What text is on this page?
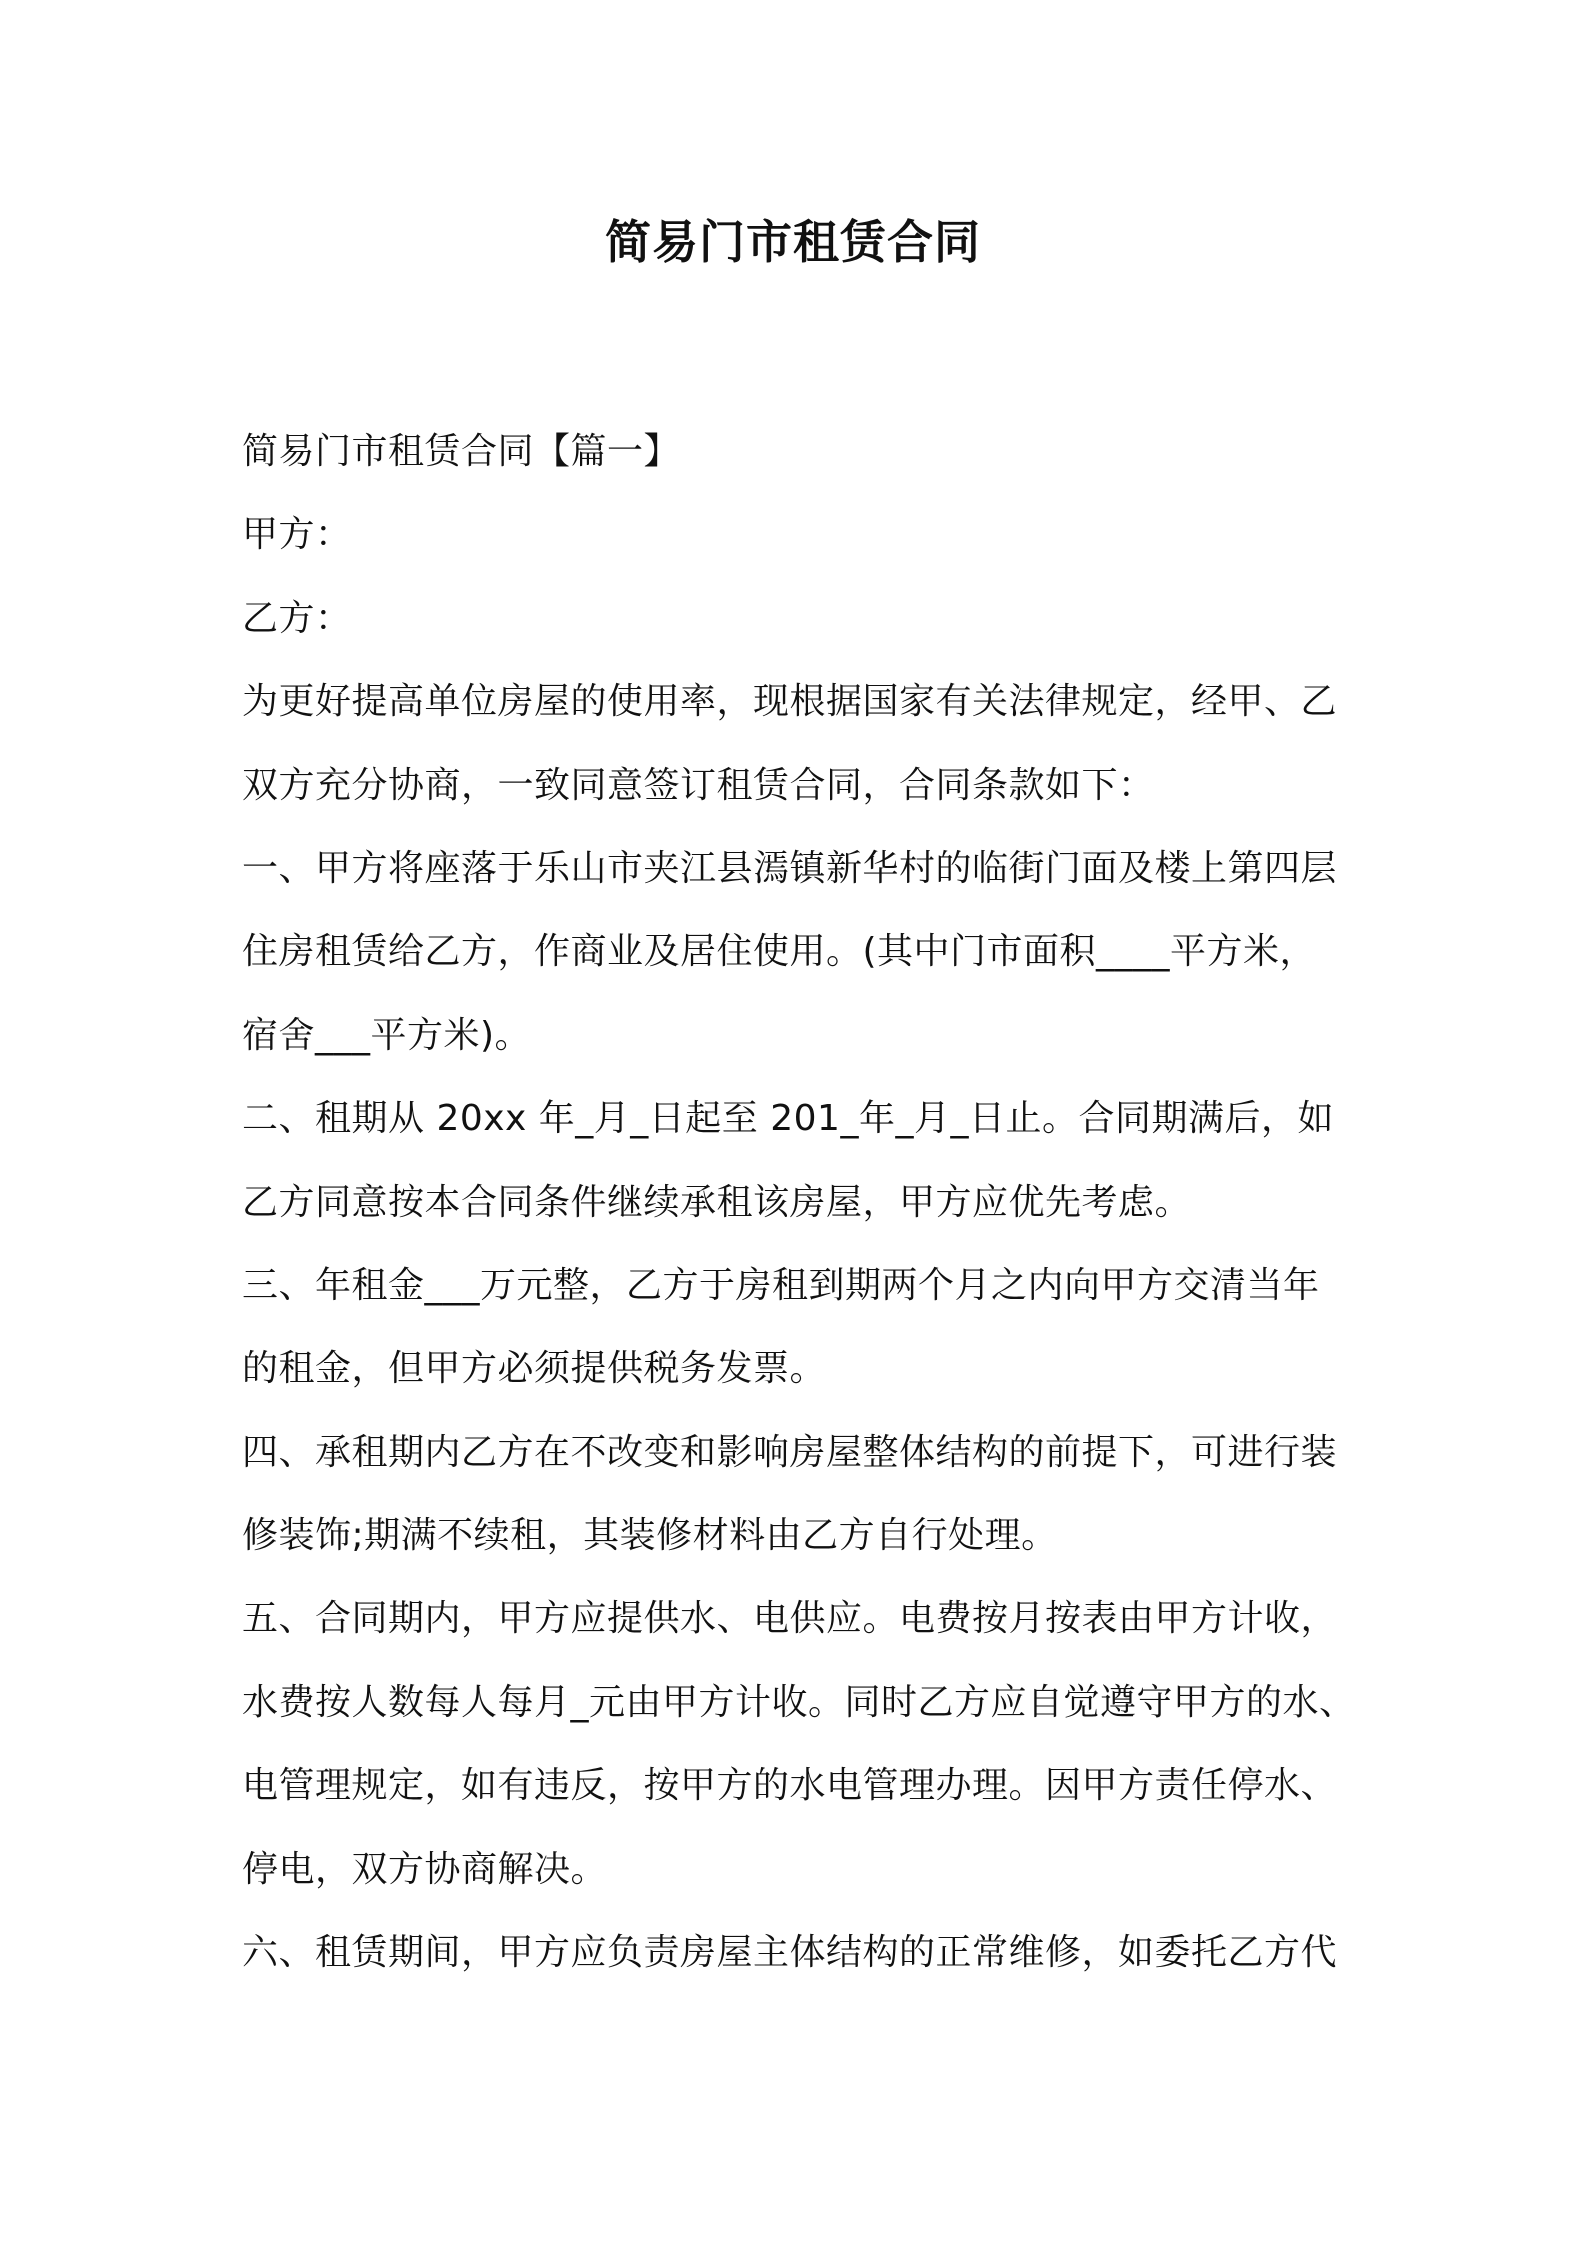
简易门市租赁合同
简易门市租赁合同【篇一】
甲方：
乙方：
为更好提高单位房屋的使用率，现根据国家有关法律规定，经甲、乙
双方充分协商，一致同意签订租赁合同，合同条款如下：
一、甲方将座落于乐山市夹江县漹镇新华村的临街门面及楼上第四层
住房租赁给乙方，作商业及居住使用。(其中门市面积____平方米，
宿舍___平方米)。
二、租期从 20xx 年_月_日起至 201_年_月_日止。合同期满后，如
乙方同意按本合同条件继续承租该房屋，甲方应优先考虑。
三、年租金___万元整，乙方于房租到期两个月之内向甲方交清当年
的租金，但甲方必须提供税务发票。
四、承租期内乙方在不改变和影响房屋整体结构的前提下，可进行装
修装饰;期满不续租，其装修材料由乙方自行处理。
五、合同期内，甲方应提供水、电供应。电费按月按表由甲方计收，
水费按人数每人每月_元由甲方计收。同时乙方应自觉遵守甲方的水、
电管理规定，如有违反，按甲方的水电管理办理。因甲方责任停水、
停电，双方协商解决。
六、租赁期间，甲方应负责房屋主体结构的正常维修，如委托乙方代
